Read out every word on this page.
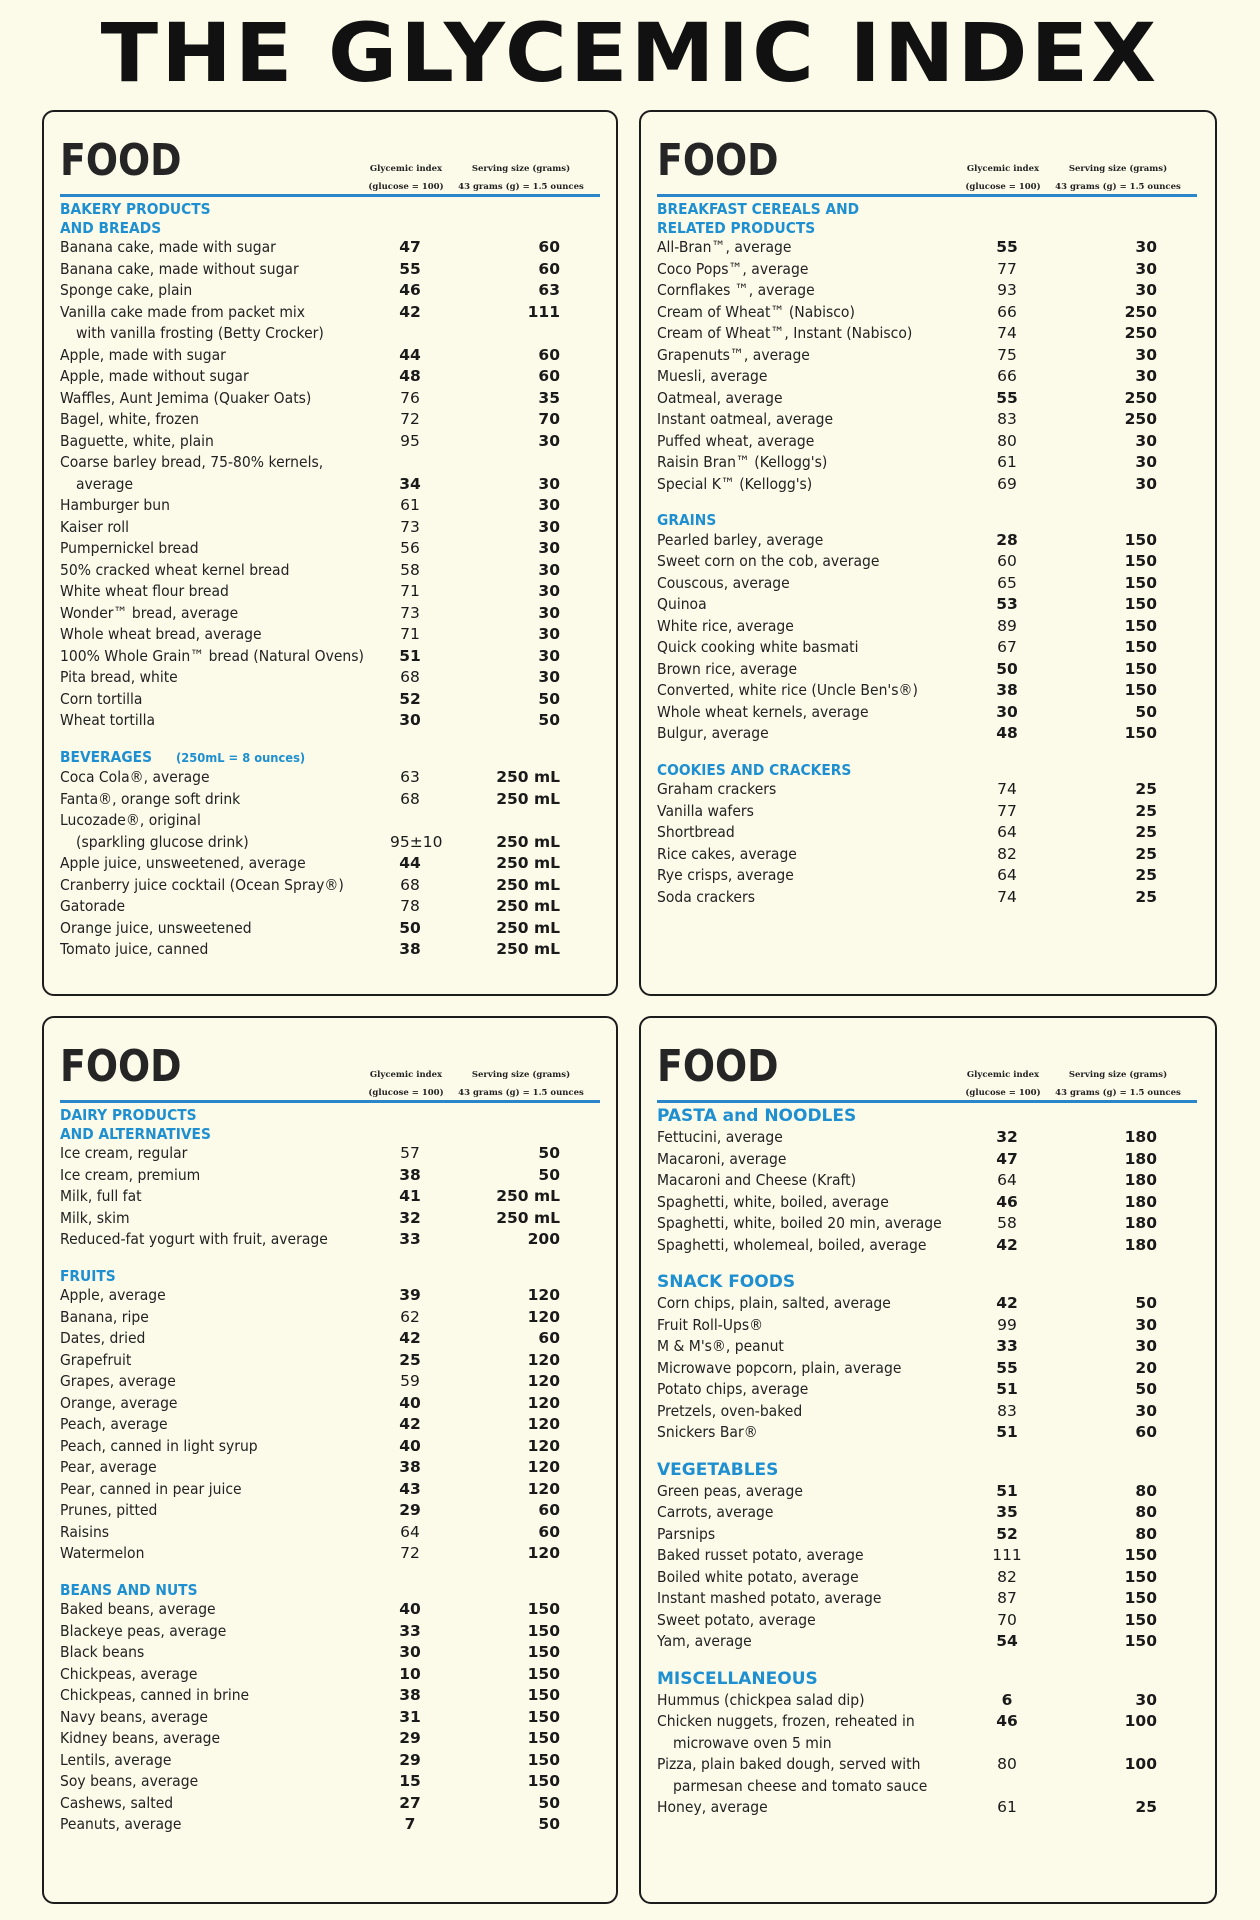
THE GLYCEMIC INDEX
FOOD	Glycemic index
(glucose = 100)
Serving size (grams)
43 grams (g) = 1.5 ounces
BAKERY PRODUCTS
AND BREADS
Banana cake, made with sugar	47	60
Banana cake, made without sugar	55	60
Sponge cake, plain	46	63
Vanilla cake made from packet mix	42	111
with vanilla frosting (Betty Crocker)
Apple, made with sugar	44	60
Apple, made without sugar	48	60
Waffles, Aunt Jemima (Quaker Oats)	76	35
Bagel, white, frozen	72	70
Baguette, white, plain	95	30
Coarse barley bread, 75-80% kernels,
average	34	30
Hamburger bun	61	30
Kaiser roll	73	30
Pumpernickel bread	56	30
50% cracked wheat kernel bread	58	30
White wheat flour bread	71	30
Wonder™ bread, average	73	30
Whole wheat bread, average	71	30
100% Whole Grain™ bread (Natural Ovens)	51	30
Pita bread, white	68	30
Corn tortilla	52	50
Wheat tortilla	30	50
BEVERAGES (250mL = 8 ounces)
Coca Cola®, average	63	250 mL
Fanta®, orange soft drink	68	250 mL
Lucozade®, original
(sparkling glucose drink)	95±10	250 mL
Apple juice, unsweetened, average	44	250 mL
Cranberry juice cocktail (Ocean Spray®)	68	250 mL
Gatorade	78	250 mL
Orange juice, unsweetened	50	250 mL
Tomato juice, canned	38	250 mL
FOOD	Glycemic index
(glucose = 100)
Serving size (grams)
43 grams (g) = 1.5 ounces
BREAKFAST CEREALS AND
RELATED PRODUCTS
All-Bran™, average	55	30
Coco Pops™, average	77	30
Cornflakes ™, average	93	30
Cream of Wheat™ (Nabisco)	66	250
Cream of Wheat™, Instant (Nabisco)	74	250
Grapenuts™, average	75	30
Muesli, average	66	30
Oatmeal, average	55	250
Instant oatmeal, average	83	250
Puffed wheat, average	80	30
Raisin Bran™ (Kellogg's)	61	30
Special K™ (Kellogg's)	69	30
GRAINS
Pearled barley, average	28	150
Sweet corn on the cob, average	60	150
Couscous, average	65	150
Quinoa	53	150
White rice, average	89	150
Quick cooking white basmati	67	150
Brown rice, average	50	150
Converted, white rice (Uncle Ben's®)	38	150
Whole wheat kernels, average	30	50
Bulgur, average	48	150
COOKIES AND CRACKERS
Graham crackers	74	25
Vanilla wafers	77	25
Shortbread	64	25
Rice cakes, average	82	25
Rye crisps, average	64	25
Soda crackers	74	25
FOOD	Glycemic index
(glucose = 100)
Serving size (grams)
43 grams (g) = 1.5 ounces
DAIRY PRODUCTS
AND ALTERNATIVES
Ice cream, regular	57	50
Ice cream, premium	38	50
Milk, full fat	41	250 mL
Milk, skim	32	250 mL
Reduced-fat yogurt with fruit, average	33	200
FRUITS
Apple, average	39	120
Banana, ripe	62	120
Dates, dried	42	60
Grapefruit	25	120
Grapes, average	59	120
Orange, average	40	120
Peach, average	42	120
Peach, canned in light syrup	40	120
Pear, average	38	120
Pear, canned in pear juice	43	120
Prunes, pitted	29	60
Raisins	64	60
Watermelon	72	120
BEANS AND NUTS
Baked beans, average	40	150
Blackeye peas, average	33	150
Black beans	30	150
Chickpeas, average	10	150
Chickpeas, canned in brine	38	150
Navy beans, average	31	150
Kidney beans, average	29	150
Lentils, average	29	150
Soy beans, average	15	150
Cashews, salted	27	50
Peanuts, average	7	50
FOOD	Glycemic index
(glucose = 100)
Serving size (grams)
43 grams (g) = 1.5 ounces
PASTA and NOODLES
Fettucini, average	32	180
Macaroni, average	47	180
Macaroni and Cheese (Kraft)	64	180
Spaghetti, white, boiled, average	46	180
Spaghetti, white, boiled 20 min, average	58	180
Spaghetti, wholemeal, boiled, average	42	180
SNACK FOODS
Corn chips, plain, salted, average	42	50
Fruit Roll-Ups®	99	30
M & M's®, peanut	33	30
Microwave popcorn, plain, average	55	20
Potato chips, average	51	50
Pretzels, oven-baked	83	30
Snickers Bar®	51	60
VEGETABLES
Green peas, average	51	80
Carrots, average	35	80
Parsnips	52	80
Baked russet potato, average	111	150
Boiled white potato, average	82	150
Instant mashed potato, average	87	150
Sweet potato, average	70	150
Yam, average	54	150
MISCELLANEOUS
Hummus (chickpea salad dip)	6	30
Chicken nuggets, frozen, reheated in	46	100
microwave oven 5 min
Pizza, plain baked dough, served with	80	100
parmesan cheese and tomato sauce
Honey, average	61	25
